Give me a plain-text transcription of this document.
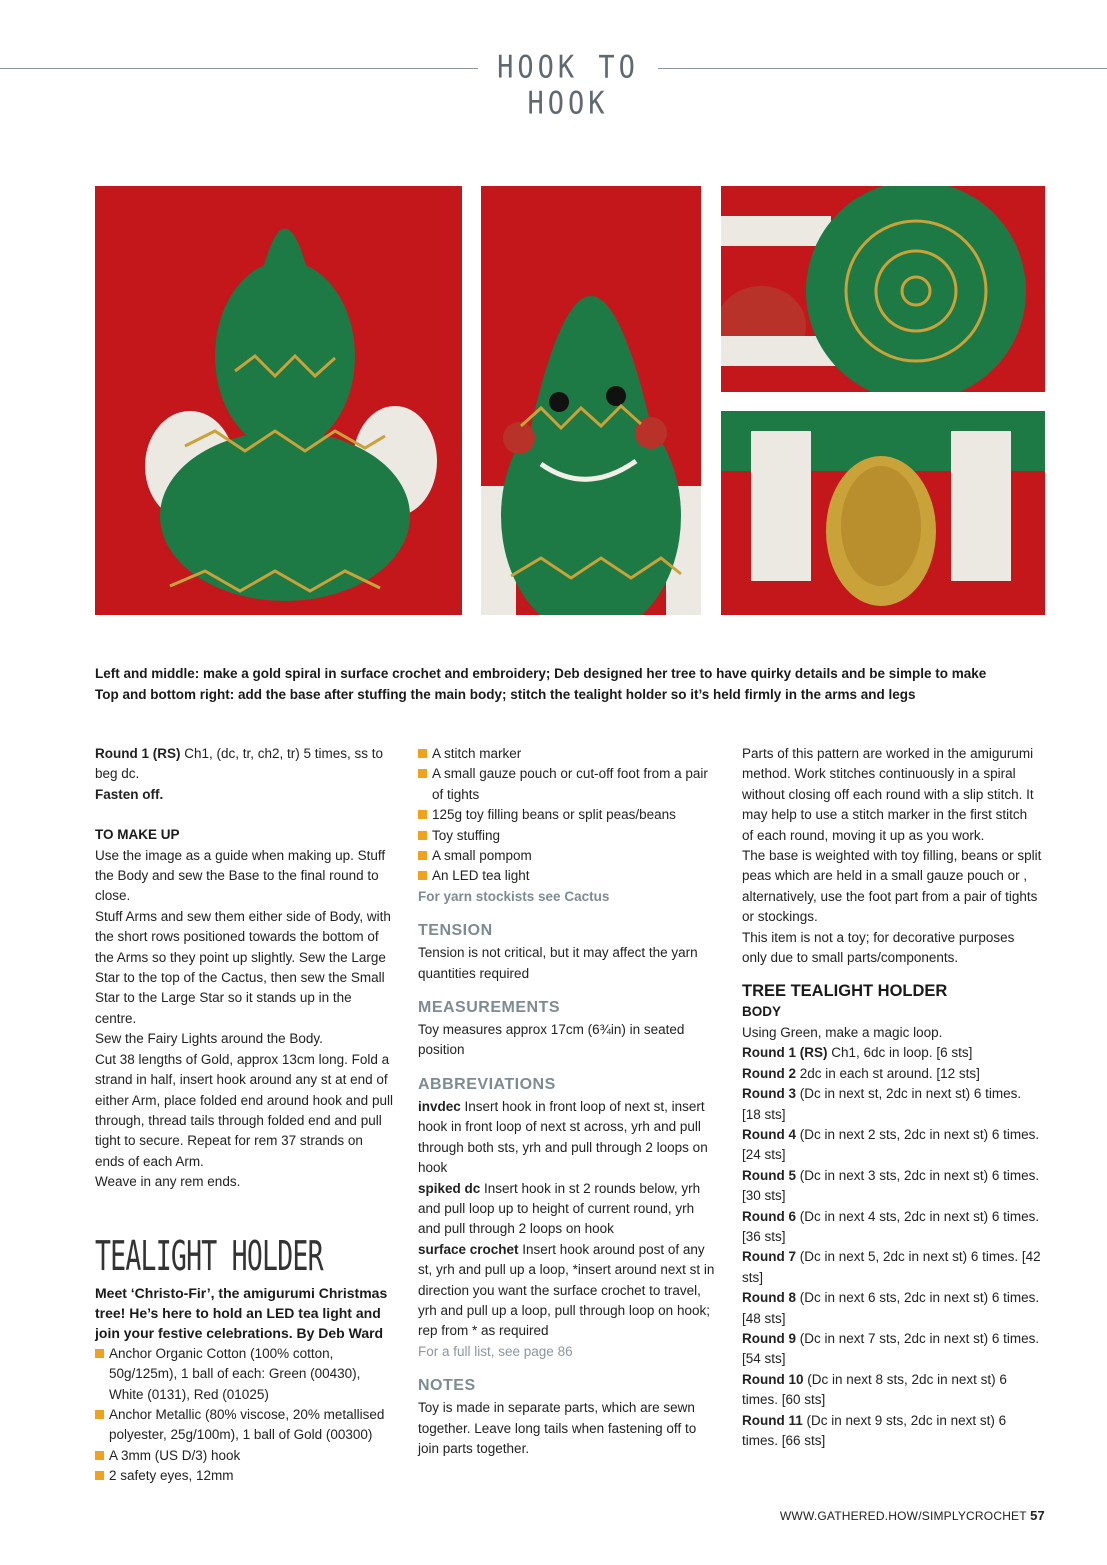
HOOK TO HOOK
Left and middle: make a gold spiral in surface crochet and embroidery; Deb designed her tree to have quirky details and be simple to make
Top and bottom right: add the base after stuffing the main body; stitch the tealight holder so it’s held firmly in the arms and legs

Round 1 (RS) Ch1, (dc, tr, ch2, tr) 5 times, ss to beg dc.

Fasten off.

TO MAKE UP

Use the image as a guide when making up. Stuff the Body and sew the Base to the final round to close.

Stuff Arms and sew them either side of Body, with the short rows positioned towards the bottom of the Arms so they point up slightly. Sew the Large Star to the top of the Cactus, then sew the Small Star to the Large Star so it stands up in the centre.

Sew the Fairy Lights around the Body.

Cut 38 lengths of Gold, approx 13cm long. Fold a strand in half, insert hook around any st at end of either Arm, place folded end around hook and pull through, thread tails through folded end and pull tight to secure. Repeat for rem 37 strands on ends of each Arm.

Weave in any rem ends.

TEALIGHT HOLDER

Meet ‘Christo-Fir’, the amigurumi Christmas tree! He’s here to hold an LED tea light and join your festive celebrations. By Deb Ward

Anchor Organic Cotton (100% cotton, 50g/125m), 1 ball of each: Green (00430), White (0131), Red (01025)
Anchor Metallic (80% viscose, 20% metallised polyester, 25g/100m), 1 ball of Gold (00300)
A 3mm (US D/3) hook
2 safety eyes, 12mm
A stitch marker
A small gauze pouch or cut-off foot from a pair of tights
125g toy filling beans or split peas/beans
Toy stuffing
A small pompom
An LED tea light

For yarn stockists see Cactus

TENSION

Tension is not critical, but it may affect the yarn quantities required

MEASUREMENTS

Toy measures approx 17cm (6¾in) in seated position

ABBREVIATIONS

invdec Insert hook in front loop of next st, insert hook in front loop of next st across, yrh and pull through both sts, yrh and pull through 2 loops on hook

spiked dc Insert hook in st 2 rounds below, yrh and pull loop up to height of current round, yrh and pull through 2 loops on hook

surface crochet Insert hook around post of any st, yrh and pull up a loop, *insert around next st in direction you want the surface crochet to travel, yrh and pull up a loop, pull through loop on hook; rep from * as required

For a full list, see page 86

NOTES

Toy is made in separate parts, which are sewn together. Leave long tails when fastening off to join parts together.

Parts of this pattern are worked in the amigurumi method. Work stitches continuously in a spiral without closing off each round with a slip stitch. It may help to use a stitch marker in the first stitch of each round, moving it up as you work.

The base is weighted with toy filling, beans or split peas which are held in a small gauze pouch or , alternatively, use the foot part from a pair of tights or stockings.

This item is not a toy; for decorative purposes only due to small parts/components.

TREE TEALIGHT HOLDER

BODY

Using Green, make a magic loop.

Round 1 (RS) Ch1, 6dc in loop. [6 sts]

Round 2 2dc in each st around. [12 sts]

Round 3 (Dc in next st, 2dc in next st) 6 times. [18 sts]

Round 4 (Dc in next 2 sts, 2dc in next st) 6 times. [24 sts]

Round 5 (Dc in next 3 sts, 2dc in next st) 6 times. [30 sts]

Round 6 (Dc in next 4 sts, 2dc in next st) 6 times. [36 sts]

Round 7 (Dc in next 5, 2dc in next st) 6 times. [42 sts]

Round 8 (Dc in next 6 sts, 2dc in next st) 6 times. [48 sts]

Round 9 (Dc in next 7 sts, 2dc in next st) 6 times. [54 sts]

Round 10 (Dc in next 8 sts, 2dc in next st) 6 times. [60 sts]

Round 11 (Dc in next 9 sts, 2dc in next st) 6 times. [66 sts]

WWW.GATHERED.HOW/SIMPLYCROCHET 57
